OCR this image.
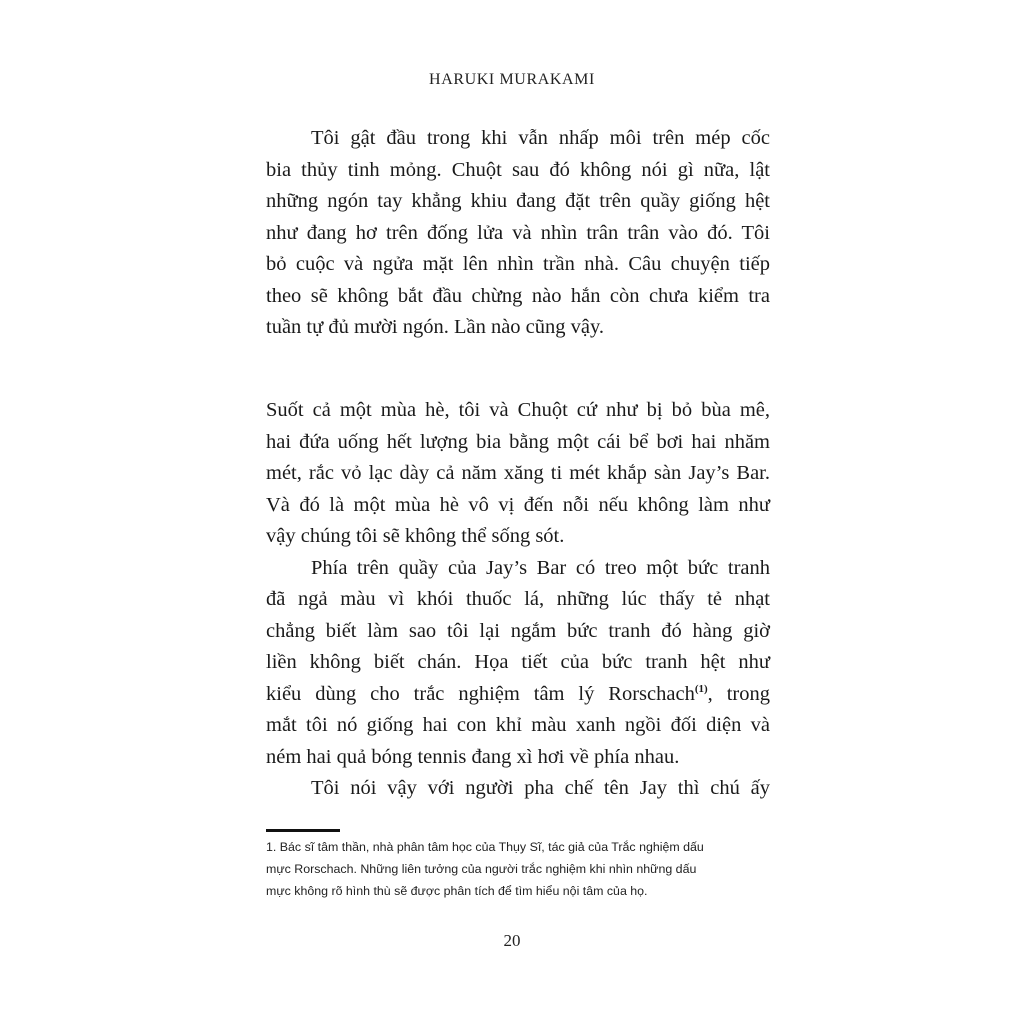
HARUKI MURAKAMI
Tôi gật đầu trong khi vẫn nhấp môi trên mép cốc
bia thủy tinh mỏng. Chuột sau đó không nói gì nữa, lật
những ngón tay khẳng khiu đang đặt trên quầy giống hệt
như đang hơ trên đống lửa và nhìn trân trân vào đó. Tôi
bỏ cuộc và ngửa mặt lên nhìn trần nhà. Câu chuyện tiếp
theo sẽ không bắt đầu chừng nào hắn còn chưa kiểm tra
tuần tự đủ mười ngón. Lần nào cũng vậy.
Suốt cả một mùa hè, tôi và Chuột cứ như bị bỏ bùa mê,
hai đứa uống hết lượng bia bằng một cái bể bơi hai nhăm
mét, rắc vỏ lạc dày cả năm xăng ti mét khắp sàn Jay’s Bar.
Và đó là một mùa hè vô vị đến nỗi nếu không làm như
vậy chúng tôi sẽ không thể sống sót.
Phía trên quầy của Jay’s Bar có treo một bức tranh
đã ngả màu vì khói thuốc lá, những lúc thấy tẻ nhạt
chẳng biết làm sao tôi lại ngắm bức tranh đó hàng giờ
liền không biết chán. Họa tiết của bức tranh hệt như
kiểu dùng cho trắc nghiệm tâm lý Rorschach$^{(1)}$, trong
mắt tôi nó giống hai con khỉ màu xanh ngồi đối diện và
ném hai quả bóng tennis đang xì hơi về phía nhau.
Tôi nói vậy với người pha chế tên Jay thì chú ấy
1. Bác sĩ tâm thần, nhà phân tâm học của Thụy Sĩ, tác giả của Trắc nghiệm dấu
mực Rorschach. Những liên tưởng của người trắc nghiệm khi nhìn những dấu
mực không rõ hình thù sẽ được phân tích để tìm hiểu nội tâm của họ.
20
